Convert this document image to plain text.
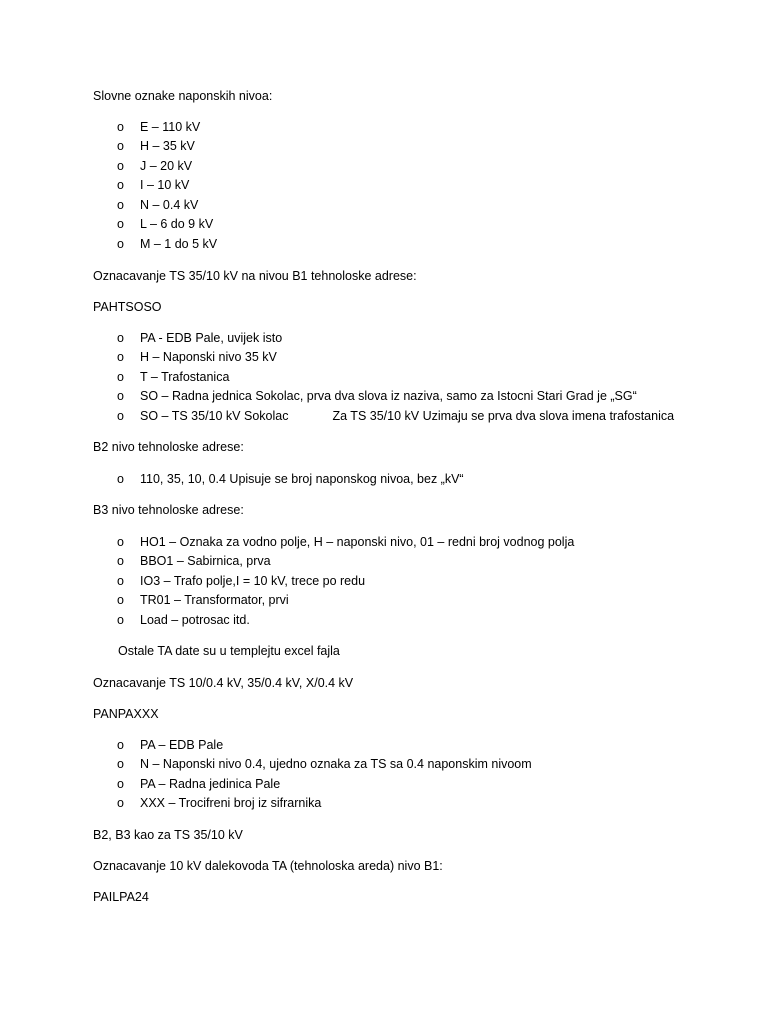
Slovne oznake naponskih nivoa:
o E – 110 kV
o H – 35 kV
o J – 20 kV
o I – 10 kV
o N – 0.4 kV
o L – 6 do 9 kV
o M – 1 do 5 kV
Oznacavanje TS 35/10 kV na nivou B1 tehnoloske adrese:
PAHTSOSO
o PA - EDB Pale, uvijek isto
o H – Naponski nivo 35 kV
o T – Trafostanica
o SO – Radna jednica Sokolac, prva dva slova iz naziva, samo za Istocni Stari Grad je „SG“
o SO – TS 35/10 kV Sokolac	Za TS 35/10 kV Uzimaju se prva dva slova imena trafostanica
B2 nivo tehnoloske adrese:
o 110, 35, 10, 0.4 Upisuje se broj naponskog nivoa, bez „kV“
B3 nivo tehnoloske adrese:
o HO1 – Oznaka za vodno polje, H – naponski nivo, 01 – redni broj vodnog polja
o BBO1 – Sabirnica, prva
o IO3 – Trafo polje,I = 10 kV, trece po redu
o TR01 – Transformator, prvi
o Load – potrosac itd.
Ostale TA date su u templejtu excel fajla
Oznacavanje TS 10/0.4 kV, 35/0.4 kV, X/0.4 kV
PANPAXXX
o PA – EDB Pale
o N – Naponski nivo 0.4, ujedno oznaka za TS sa 0.4 naponskim nivoom
o PA – Radna jedinica Pale
o XXX – Trocifreni broj iz sifrarnika
B2, B3 kao za TS 35/10 kV
Oznacavanje 10 kV dalekovoda TA (tehnoloska areda) nivo B1:
PAILPA24
